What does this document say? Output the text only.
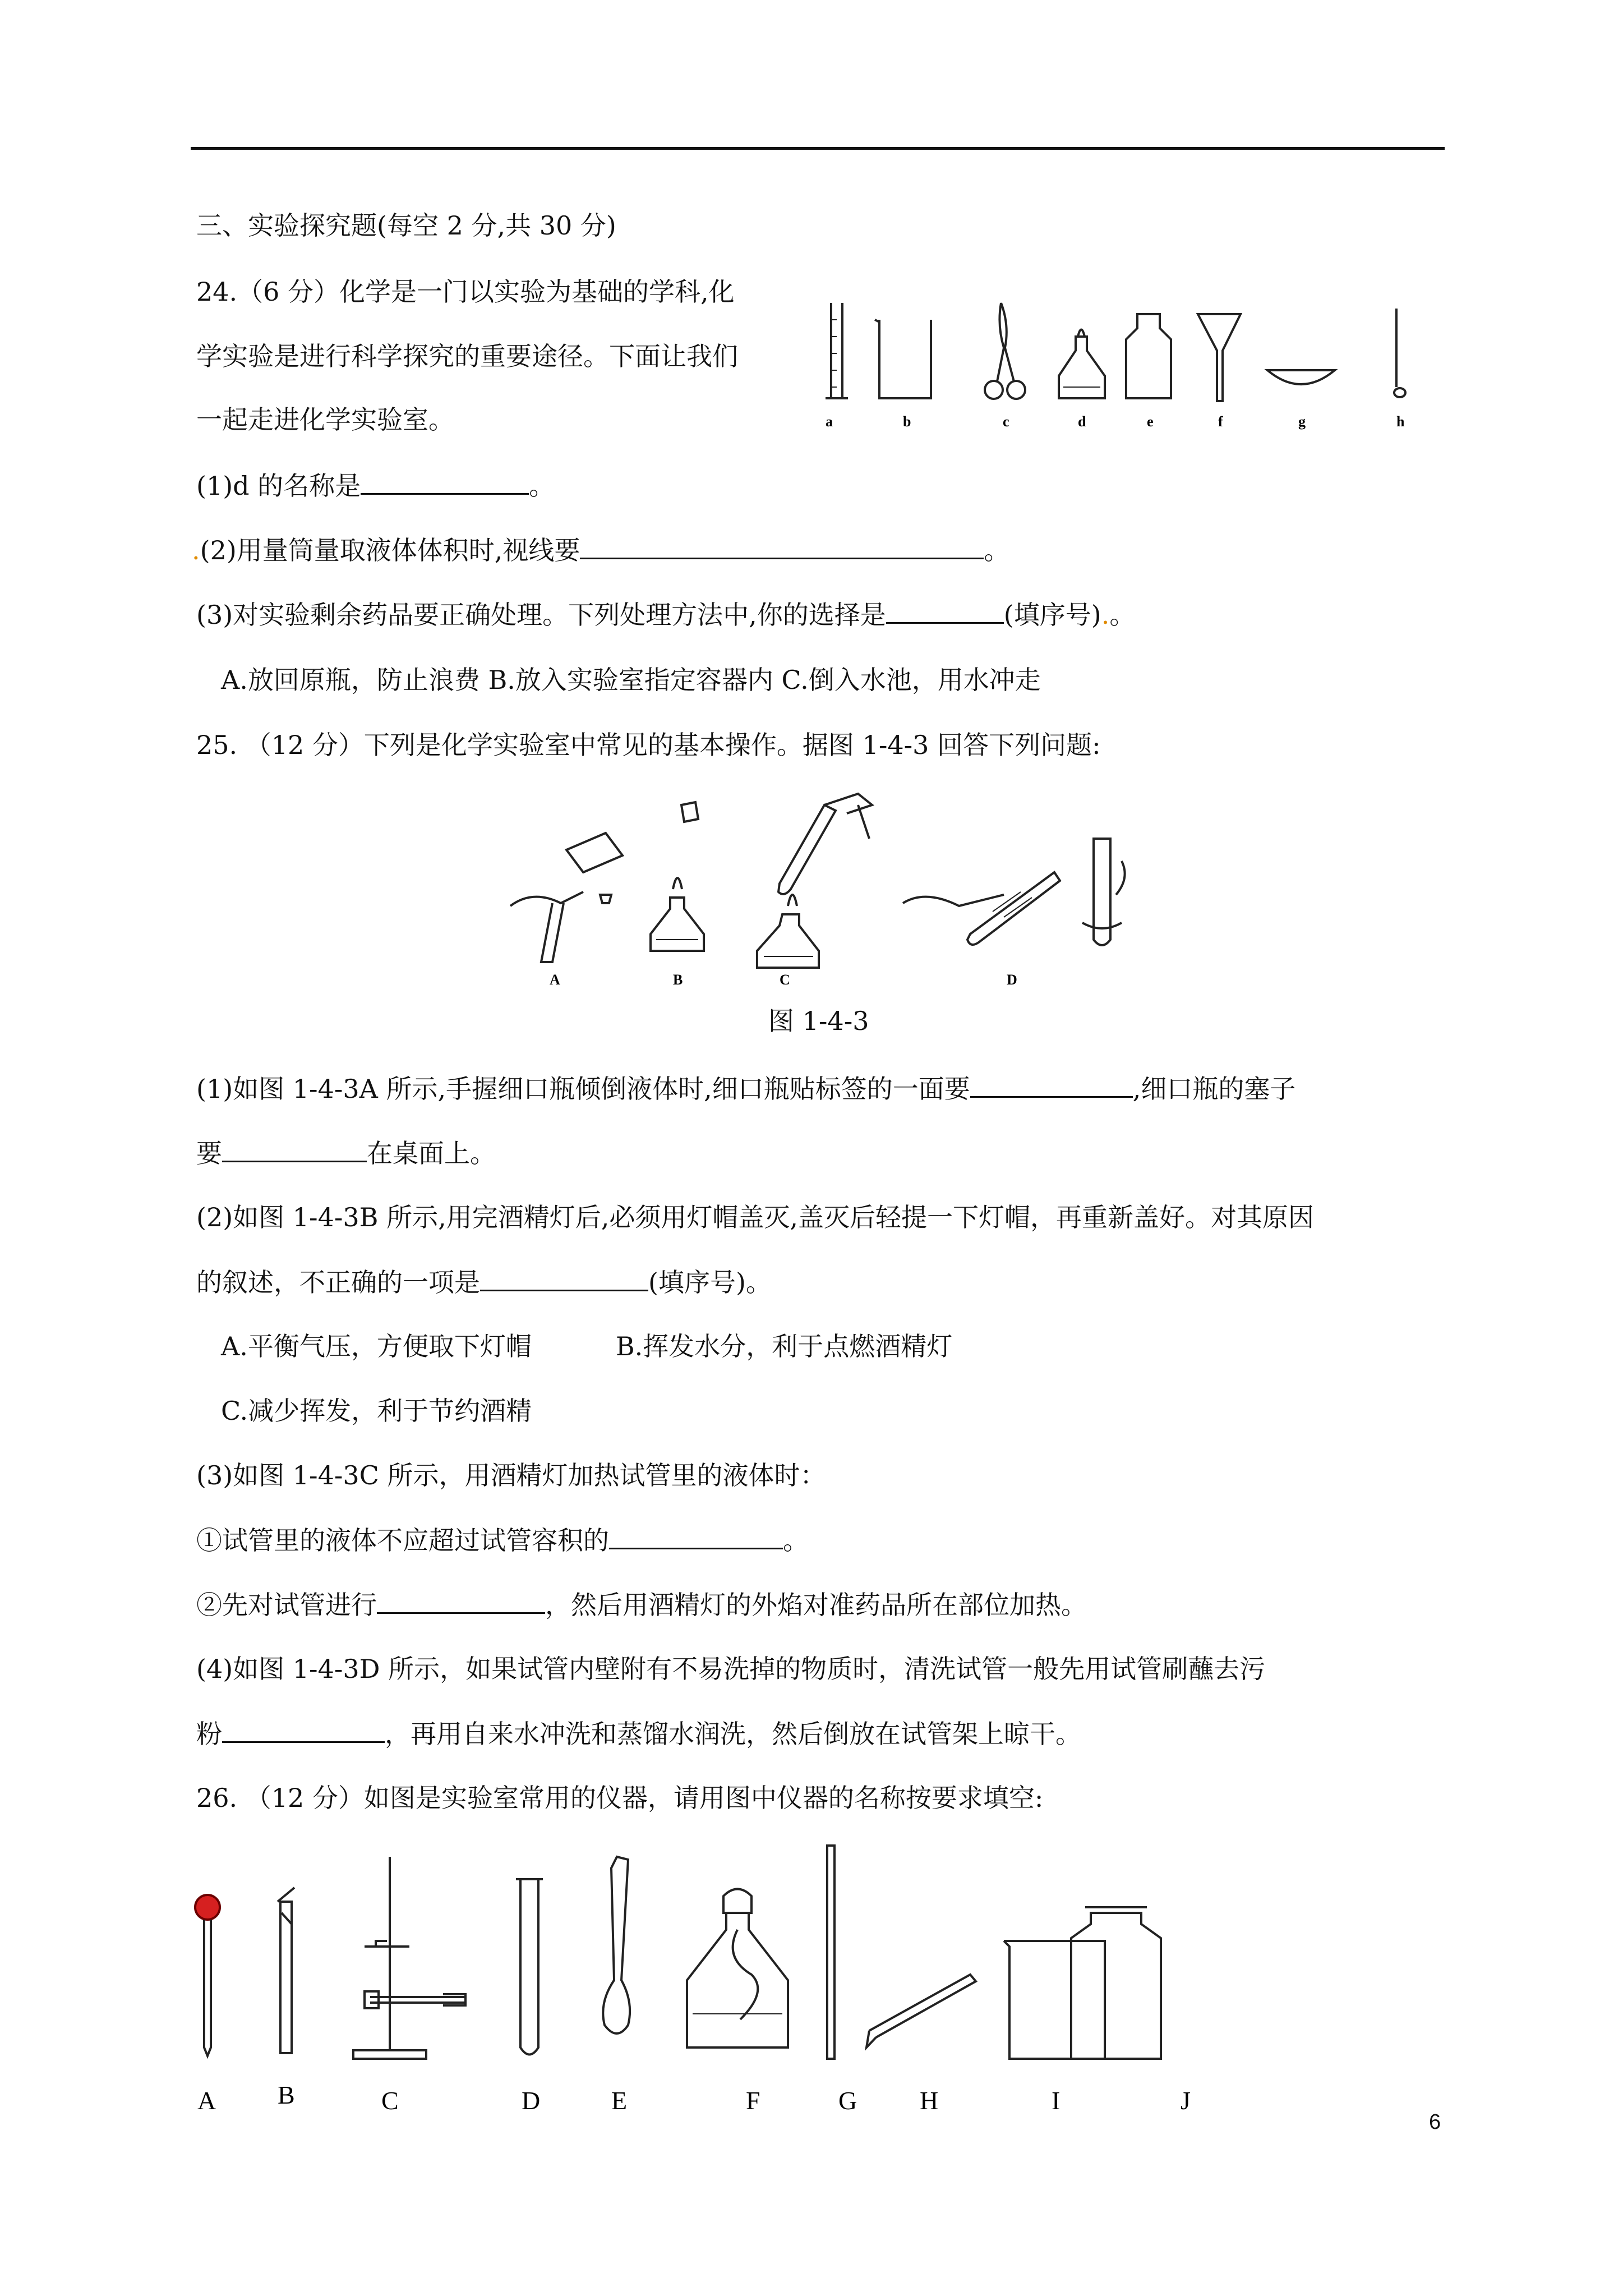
三、实验探究题(每空 2 分,共 30 分)
24.（6 分）化学是一门以实验为基础的学科,化
学实验是进行科学探究的重要途径。下面让我们
一起走进化学实验室。	a	b	c	d	e	f	g	h
(1)d 的名称是	。
.(2)用量筒量取液体体积时,视线要	。
(3)对实验剩余药品要正确处理。下列处理方法中,你的选择是	(填序号).。
A.放回原瓶，防止浪费 B.放入实验室指定容器内 C.倒入水池，用水冲走
25. （12 分）下列是化学实验室中常见的基本操作。据图 1-4-3 回答下列问题:
A	B	C	D
图 1-4-3
(1)如图 1-4-3A 所示,手握细口瓶倾倒液体时,细口瓶贴标签的一面要	,细口瓶的塞子
要	在桌面上。
(2)如图 1-4-3B 所示,用完酒精灯后,必须用灯帽盖灭,盖灭后轻提一下灯帽，再重新盖好。对其原因
的叙述，不正确的一项是	(填序号)。
A.平衡气压，方便取下灯帽	B.挥发水分，利于点燃酒精灯
C.减少挥发，利于节约酒精
(3)如图 1-4-3C 所示，用酒精灯加热试管里的液体时：
①试管里的液体不应超过试管容积的	。
②先对试管进行	，然后用酒精灯的外焰对准药品所在部位加热。
(4)如图 1-4-3D 所示，如果试管内壁附有不易洗掉的物质时，清洗试管一般先用试管刷蘸去污
粉	，再用自来水冲洗和蒸馏水润洗，然后倒放在试管架上晾干。
26. （12 分）如图是实验室常用的仪器，请用图中仪器的名称按要求填空:
A B	C	D	E	F	G H	I	J
6
